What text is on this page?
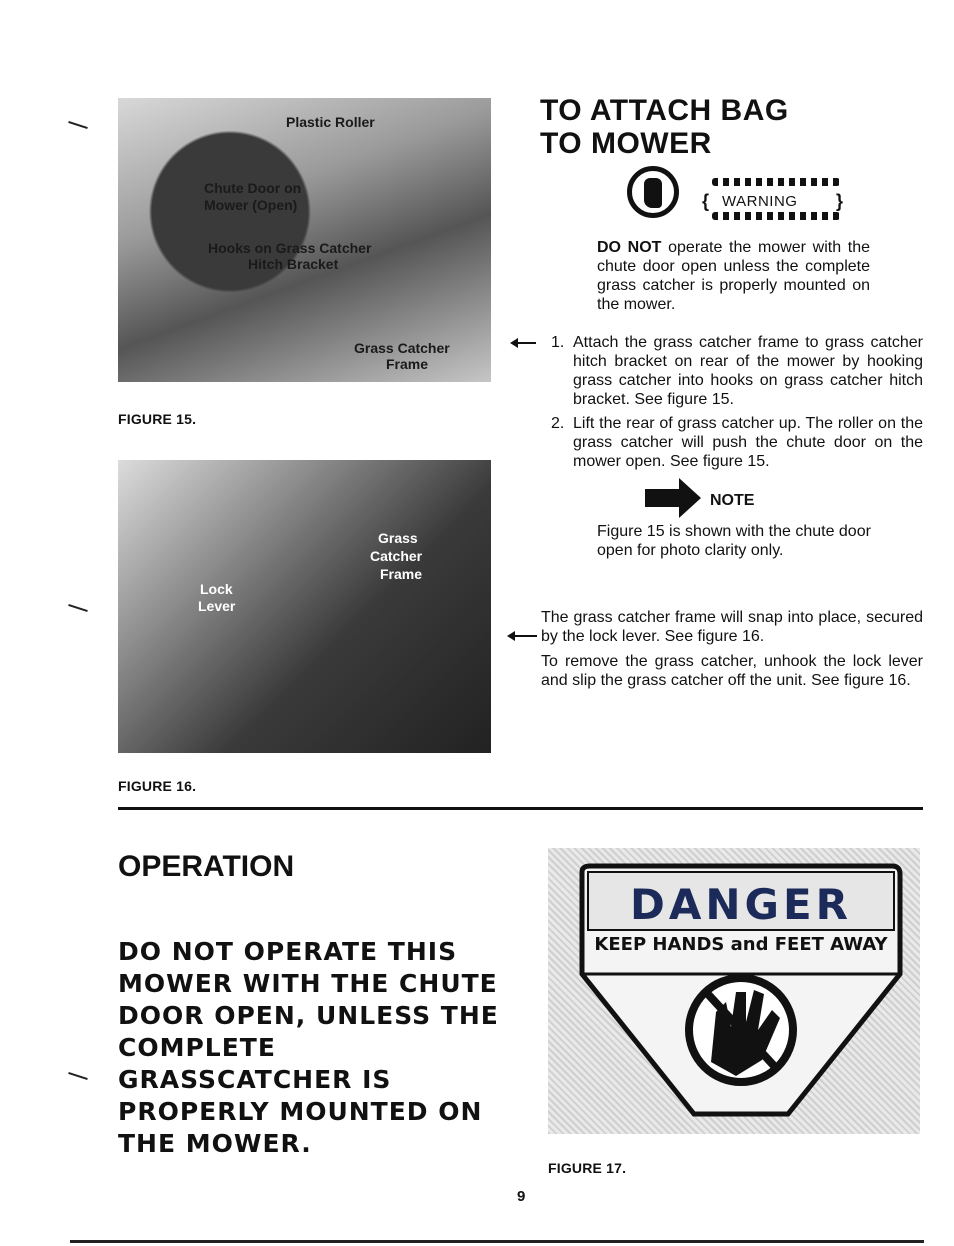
Plastic Roller
Chute Door on
Mower (Open)
Hooks on Grass Catcher
Hitch Bracket
Grass Catcher
Frame
FIGURE 15.
Lock
Lever
Grass
Catcher
Frame
FIGURE 16.
TO ATTACH BAG
TO MOWER
{ WARNING }
DO NOT operate the mower with the chute door open unless the complete grass catcher is properly mounted on the mower.
1. Attach the grass catcher frame to grass catcher hitch bracket on rear of the mower by hooking grass catcher into hooks on grass catcher hitch bracket. See figure 15.
2. Lift the rear of grass catcher up. The roller on the grass catcher will push the chute door on the mower open. See figure 15.
NOTE
Figure 15 is shown with the chute door open for photo clarity only.
The grass catcher frame will snap into place, secured by the lock lever. See figure 16.
To remove the grass catcher, unhook the lock lever and slip the grass catcher off the unit. See figure 16.
OPERATION
DO NOT OPERATE THIS MOWER WITH THE CHUTE DOOR OPEN, UNLESS THE COMPLETE GRASSCATCHER IS PROPERLY MOUNTED ON THE MOWER.
DANGER
KEEP HANDS and FEET AWAY
FIGURE 17.
9
